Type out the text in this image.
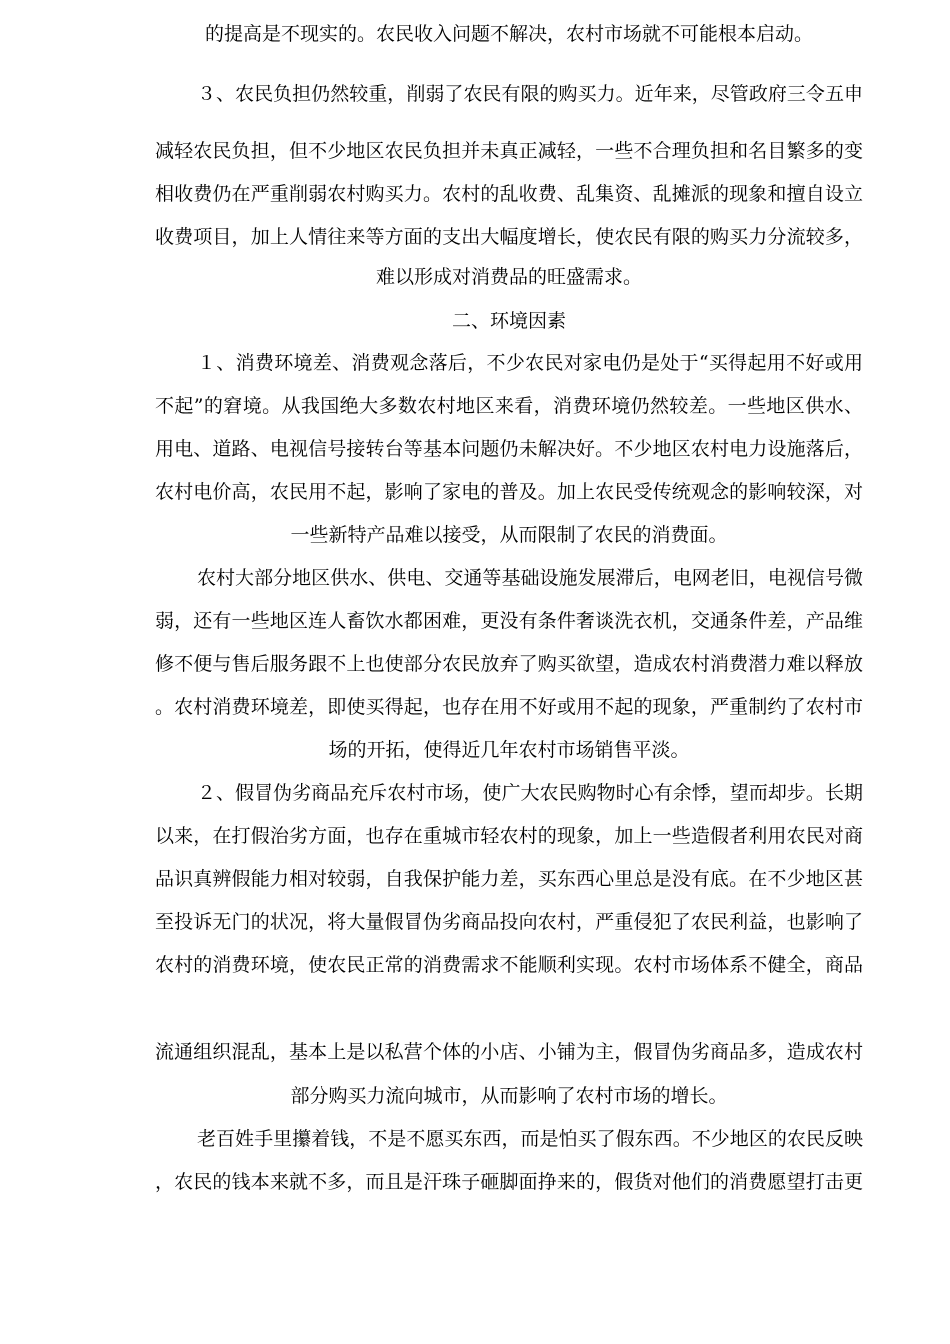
的提高是不现实的。农民收入问题不解决，农村市场就不可能根本启动。
３、农民负担仍然较重，削弱了农民有限的购买力。近年来，尽管政府三令五申
减轻农民负担，但不少地区农民负担并未真正减轻，一些不合理负担和名目繁多的变
相收费仍在严重削弱农村购买力。农村的乱收费、乱集资、乱摊派的现象和擅自设立
收费项目，加上人情往来等方面的支出大幅度增长，使农民有限的购买力分流较多，
难以形成对消费品的旺盛需求。
二、环境因素
１、消费环境差、消费观念落后，不少农民对家电仍是处于“买得起用不好或用
不起”的窘境。从我国绝大多数农村地区来看，消费环境仍然较差。一些地区供水、
用电、道路、电视信号接转台等基本问题仍未解决好。不少地区农村电力设施落后，
农村电价高，农民用不起，影响了家电的普及。加上农民受传统观念的影响较深，对
一些新特产品难以接受，从而限制了农民的消费面。
农村大部分地区供水、供电、交通等基础设施发展滞后，电网老旧，电视信号微
弱，还有一些地区连人畜饮水都困难，更没有条件奢谈洗衣机，交通条件差，产品维
修不便与售后服务跟不上也使部分农民放弃了购买欲望，造成农村消费潜力难以释放
。农村消费环境差，即使买得起，也存在用不好或用不起的现象，严重制约了农村市
场的开拓，使得近几年农村市场销售平淡。
２、假冒伪劣商品充斥农村市场，使广大农民购物时心有余悸，望而却步。长期
以来，在打假治劣方面，也存在重城市轻农村的现象，加上一些造假者利用农民对商
品识真辨假能力相对较弱，自我保护能力差，买东西心里总是没有底。在不少地区甚
至投诉无门的状况，将大量假冒伪劣商品投向农村，严重侵犯了农民利益，也影响了
农村的消费环境，使农民正常的消费需求不能顺利实现。农村市场体系不健全，商品
流通组织混乱，基本上是以私营个体的小店、小铺为主，假冒伪劣商品多，造成农村
部分购买力流向城市，从而影响了农村市场的增长。
老百姓手里攥着钱，不是不愿买东西，而是怕买了假东西。不少地区的农民反映
，农民的钱本来就不多，而且是汗珠子砸脚面挣来的，假货对他们的消费愿望打击更
